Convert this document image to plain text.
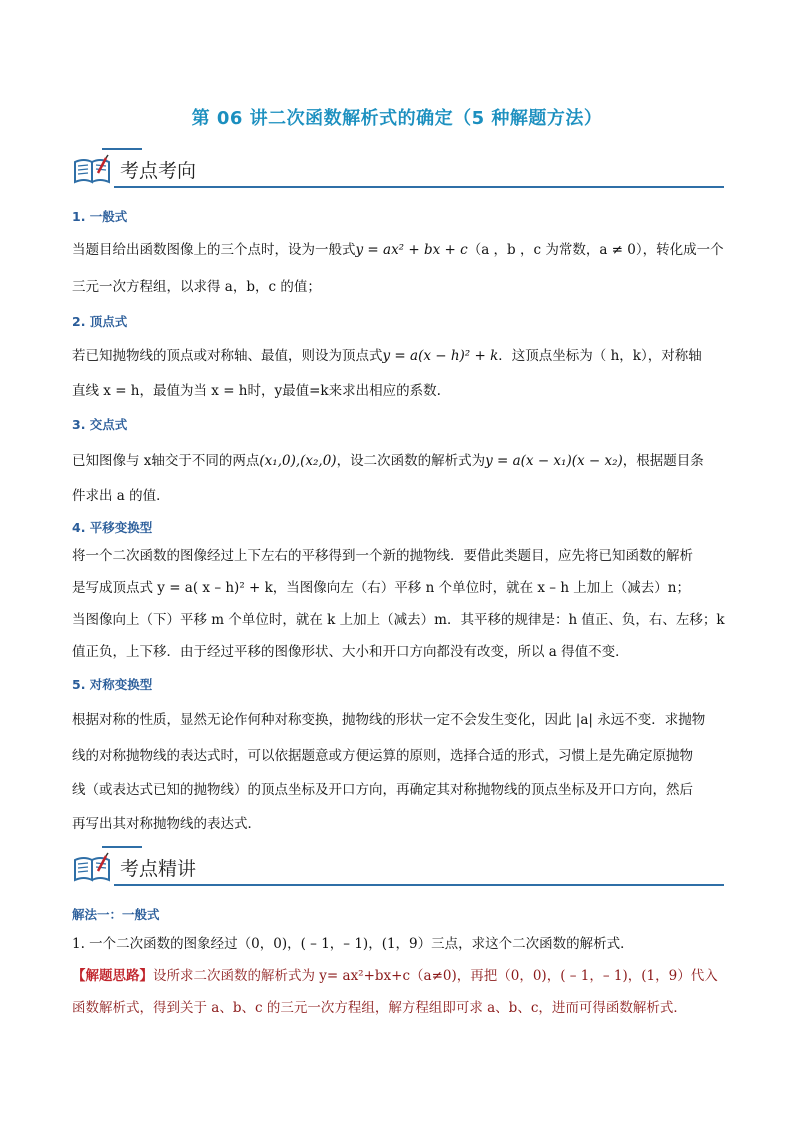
第 06 讲二次函数解析式的确定（5 种解题方法）
考点考向
1. 一般式
当题目给出函数图像上的三个点时，设为一般式y = ax² + bx + c（a ，b ，c 为常数，a ≠ 0），转化成一个
三元一次方程组，以求得 a，b，c 的值；
2. 顶点式
若已知抛物线的顶点或对称轴、最值，则设为顶点式y = a(x − h)² + k．这顶点坐标为（ h，k），对称轴
直线 x = h，最值为当 x = h时，y最值=k来求出相应的系数.
3. 交点式
已知图像与 x轴交于不同的两点(x₁,0),(x₂,0)，设二次函数的解析式为y = a(x − x₁)(x − x₂)，根据题目条
件求出 a 的值．
4. 平移变换型
将一个二次函数的图像经过上下左右的平移得到一个新的抛物线．要借此类题目，应先将已知函数的解析
是写成顶点式 y = a( x – h)² + k，当图像向左（右）平移 n 个单位时，就在 x – h 上加上（减去）n；
当图像向上（下）平移 m 个单位时，就在 k 上加上（减去）m．其平移的规律是：h 值正、负，右、左移；k
值正负，上下移．由于经过平移的图像形状、大小和开口方向都没有改变，所以 a 得值不变．
5. 对称变换型
根据对称的性质，显然无论作何种对称变换，抛物线的形状一定不会发生变化，因此 |a| 永远不变．求抛物
线的对称抛物线的表达式时，可以依据题意或方便运算的原则，选择合适的形式，习惯上是先确定原抛物
线（或表达式已知的抛物线）的顶点坐标及开口方向，再确定其对称抛物线的顶点坐标及开口方向，然后
再写出其对称抛物线的表达式．
考点精讲
解法一：一般式
1. 一个二次函数的图象经过（0，0)，( – 1，– 1)，(1，9）三点，求这个二次函数的解析式．
【解题思路】设所求二次函数的解析式为 y= ax²+bx+c（a≠0)，再把（0，0)，( – 1，– 1)，(1，9）代入
函数解析式，得到关于 a、b、c 的三元一次方程组，解方程组即可求 a、b、c，进而可得函数解析式．
